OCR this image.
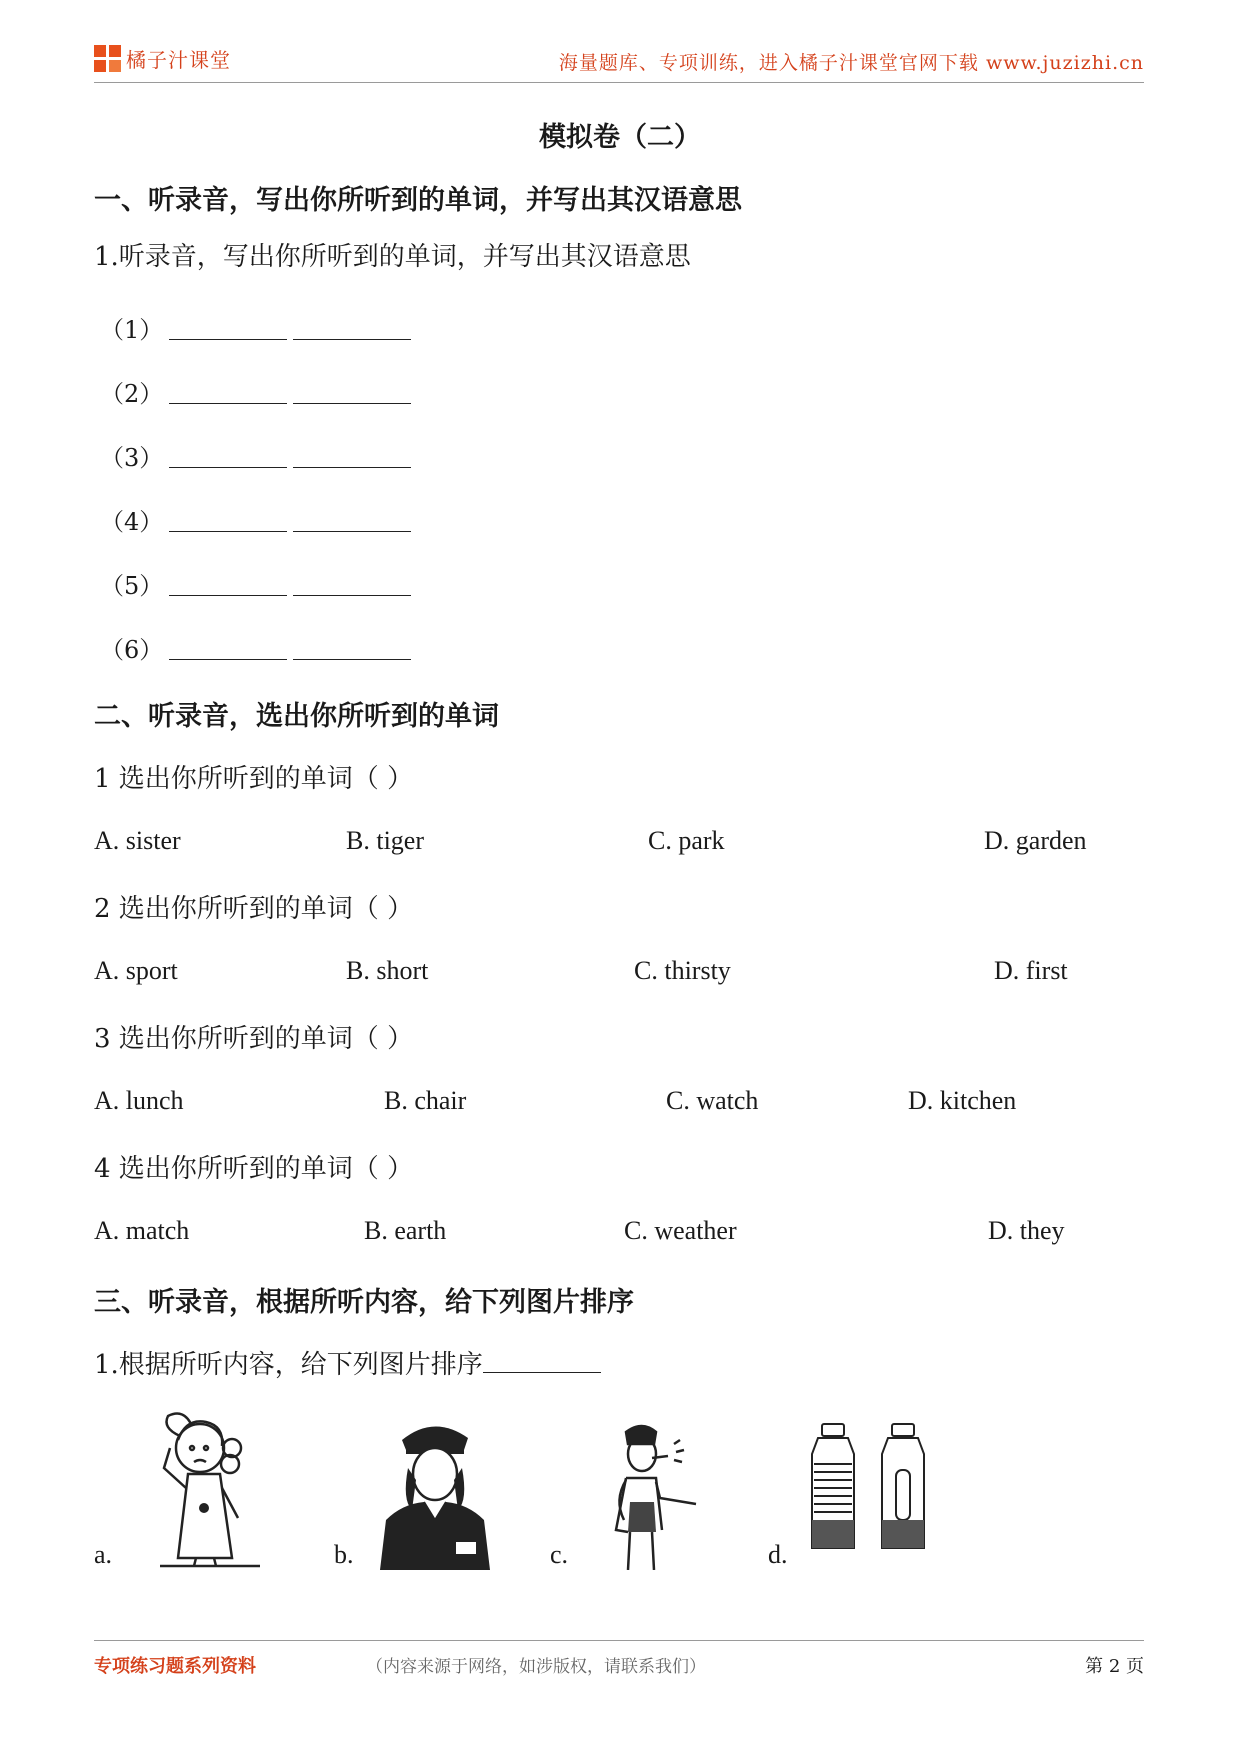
橘子汁课堂	海量题库、专项训练，进入橘子汁课堂官网下载 www.juzizhi.cn
模拟卷（二）
一、听录音，写出你所听到的单词，并写出其汉语意思
1.听录音，写出你所听到的单词，并写出其汉语意思
（1）
（2）
（3）
（4）
（5）
（6）
二、听录音，选出你所听到的单词
1 选出你所听到的单词（ ）
A. sister	B. tiger	C. park	D. garden
2 选出你所听到的单词（ ）
A. sport	B. short	C. thirsty	D. first
3 选出你所听到的单词（ ）
A. lunch	B. chair	C. watch	D. kitchen
4 选出你所听到的单词（ ）
A. match	B. earth	C. weather	D. they
三、听录音，根据所听内容，给下列图片排序
1.根据所听内容，给下列图片排序
a.	b.	c.	d.
专项练习题系列资料	（内容来源于网络，如涉版权，请联系我们）	第 2 页
